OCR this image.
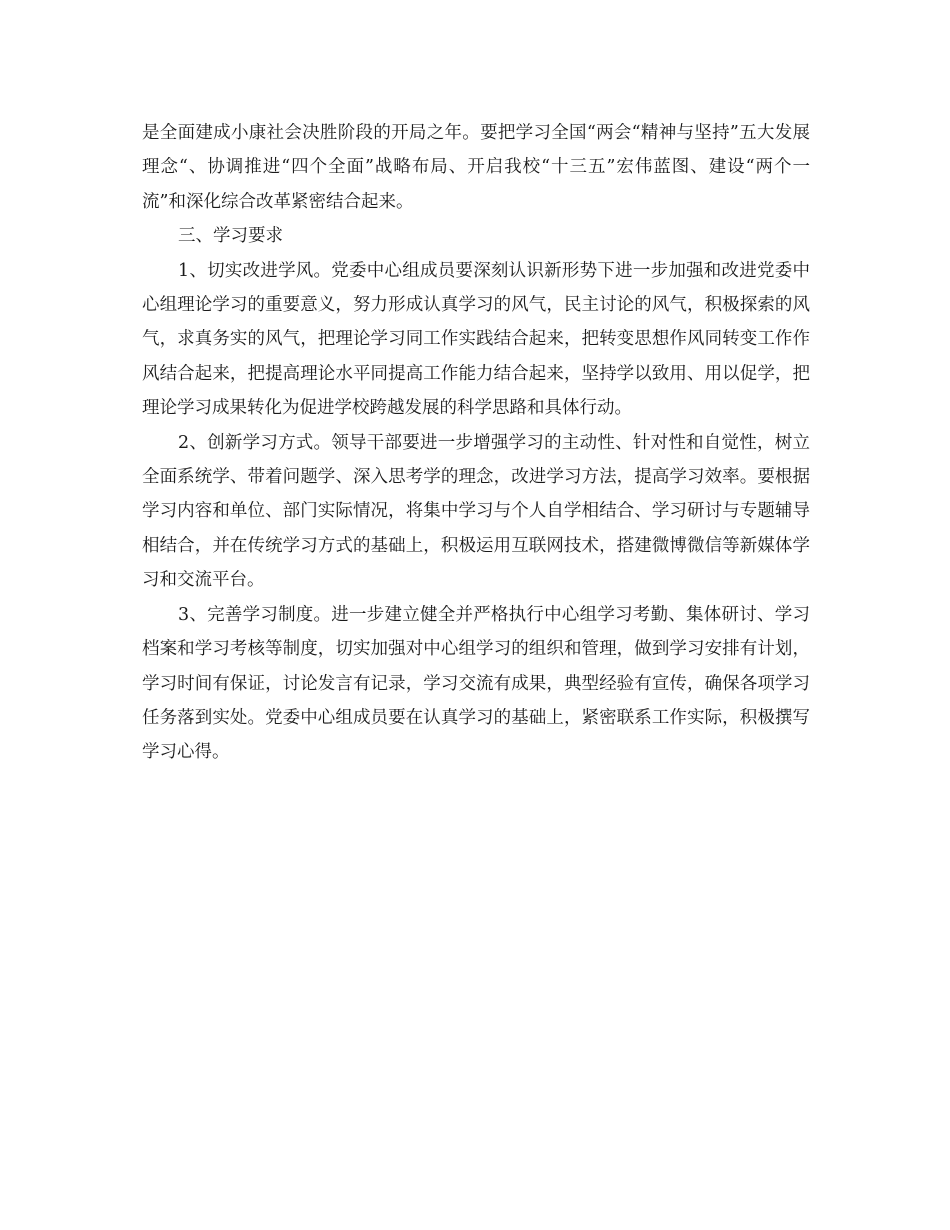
是全面建成小康社会决胜阶段的开局之年。要把学习全国“两会“精神与坚持”五大发展理念“、协调推进“四个全面”战略布局、开启我校“十三五”宏伟蓝图、建设“两个一流”和深化综合改革紧密结合起来。

三、学习要求

1、切实改进学风。党委中心组成员要深刻认识新形势下进一步加强和改进党委中心组理论学习的重要意义，努力形成认真学习的风气，民主讨论的风气，积极探索的风气，求真务实的风气，把理论学习同工作实践结合起来，把转变思想作风同转变工作作风结合起来，把提高理论水平同提高工作能力结合起来，坚持学以致用、用以促学，把理论学习成果转化为促进学校跨越发展的科学思路和具体行动。

2、创新学习方式。领导干部要进一步增强学习的主动性、针对性和自觉性，树立全面系统学、带着问题学、深入思考学的理念，改进学习方法，提高学习效率。要根据学习内容和单位、部门实际情况，将集中学习与个人自学相结合、学习研讨与专题辅导相结合，并在传统学习方式的基础上，积极运用互联网技术，搭建微博微信等新媒体学习和交流平台。

3、完善学习制度。进一步建立健全并严格执行中心组学习考勤、集体研讨、学习档案和学习考核等制度，切实加强对中心组学习的组织和管理，做到学习安排有计划，学习时间有保证，讨论发言有记录，学习交流有成果，典型经验有宣传，确保各项学习任务落到实处。党委中心组成员要在认真学习的基础上，紧密联系工作实际，积极撰写学习心得。
